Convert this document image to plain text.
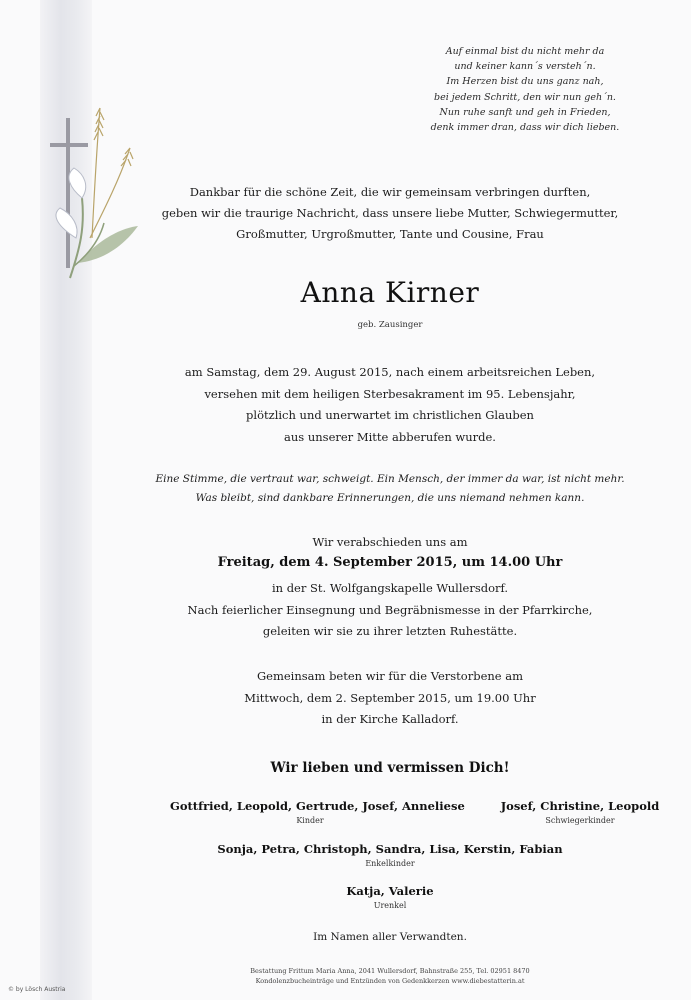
Auf einmal bist du nicht mehr da
und keiner kann´s versteh´n.
Im Herzen bist du uns ganz nah,
bei jedem Schritt, den wir nun geh´n.
Nun ruhe sanft und geh in Frieden,
denk immer dran, dass wir dich lieben.
Dankbar für die schöne Zeit, die wir gemeinsam verbringen durften,
geben wir die traurige Nachricht, dass unsere liebe Mutter, Schwiegermutter,
Großmutter, Urgroßmutter, Tante und Cousine, Frau
Anna Kirner
geb. Zausinger
am Samstag, dem 29. August 2015, nach einem arbeitsreichen Leben,
versehen mit dem heiligen Sterbesakrament im 95. Lebensjahr,
plötzlich und unerwartet im christlichen Glauben
aus unserer Mitte abberufen wurde.
Eine Stimme, die vertraut war, schweigt. Ein Mensch, der immer da war, ist nicht mehr.
Was bleibt, sind dankbare Erinnerungen, die uns niemand nehmen kann.
Wir verabschieden uns am
Freitag, dem 4. September 2015, um 14.00 Uhr
in der St. Wolfgangskapelle Wullersdorf.
Nach feierlicher Einsegnung und Begräbnismesse in der Pfarrkirche,
geleiten wir sie zu ihrer letzten Ruhestätte.
Gemeinsam beten wir für die Verstorbene am
Mittwoch, dem 2. September 2015, um 19.00 Uhr
in der Kirche Kalladorf.
Wir lieben und vermissen Dich!
Gottfried, Leopold, Gertrude, Josef, Anneliese
Kinder
Josef, Christine, Leopold
Schwiegerkinder
Sonja, Petra, Christoph, Sandra, Lisa, Kerstin, Fabian
Enkelkinder
Katja, Valerie
Urenkel
Im Namen aller Verwandten.
Bestattung Frittum Maria Anna, 2041 Wullersdorf, Bahnstraße 255, Tel. 02951 8470
Kondolenzbucheinträge und Entzünden von Gedenkkerzen www.diebestatterin.at
© by Lösch Austria
